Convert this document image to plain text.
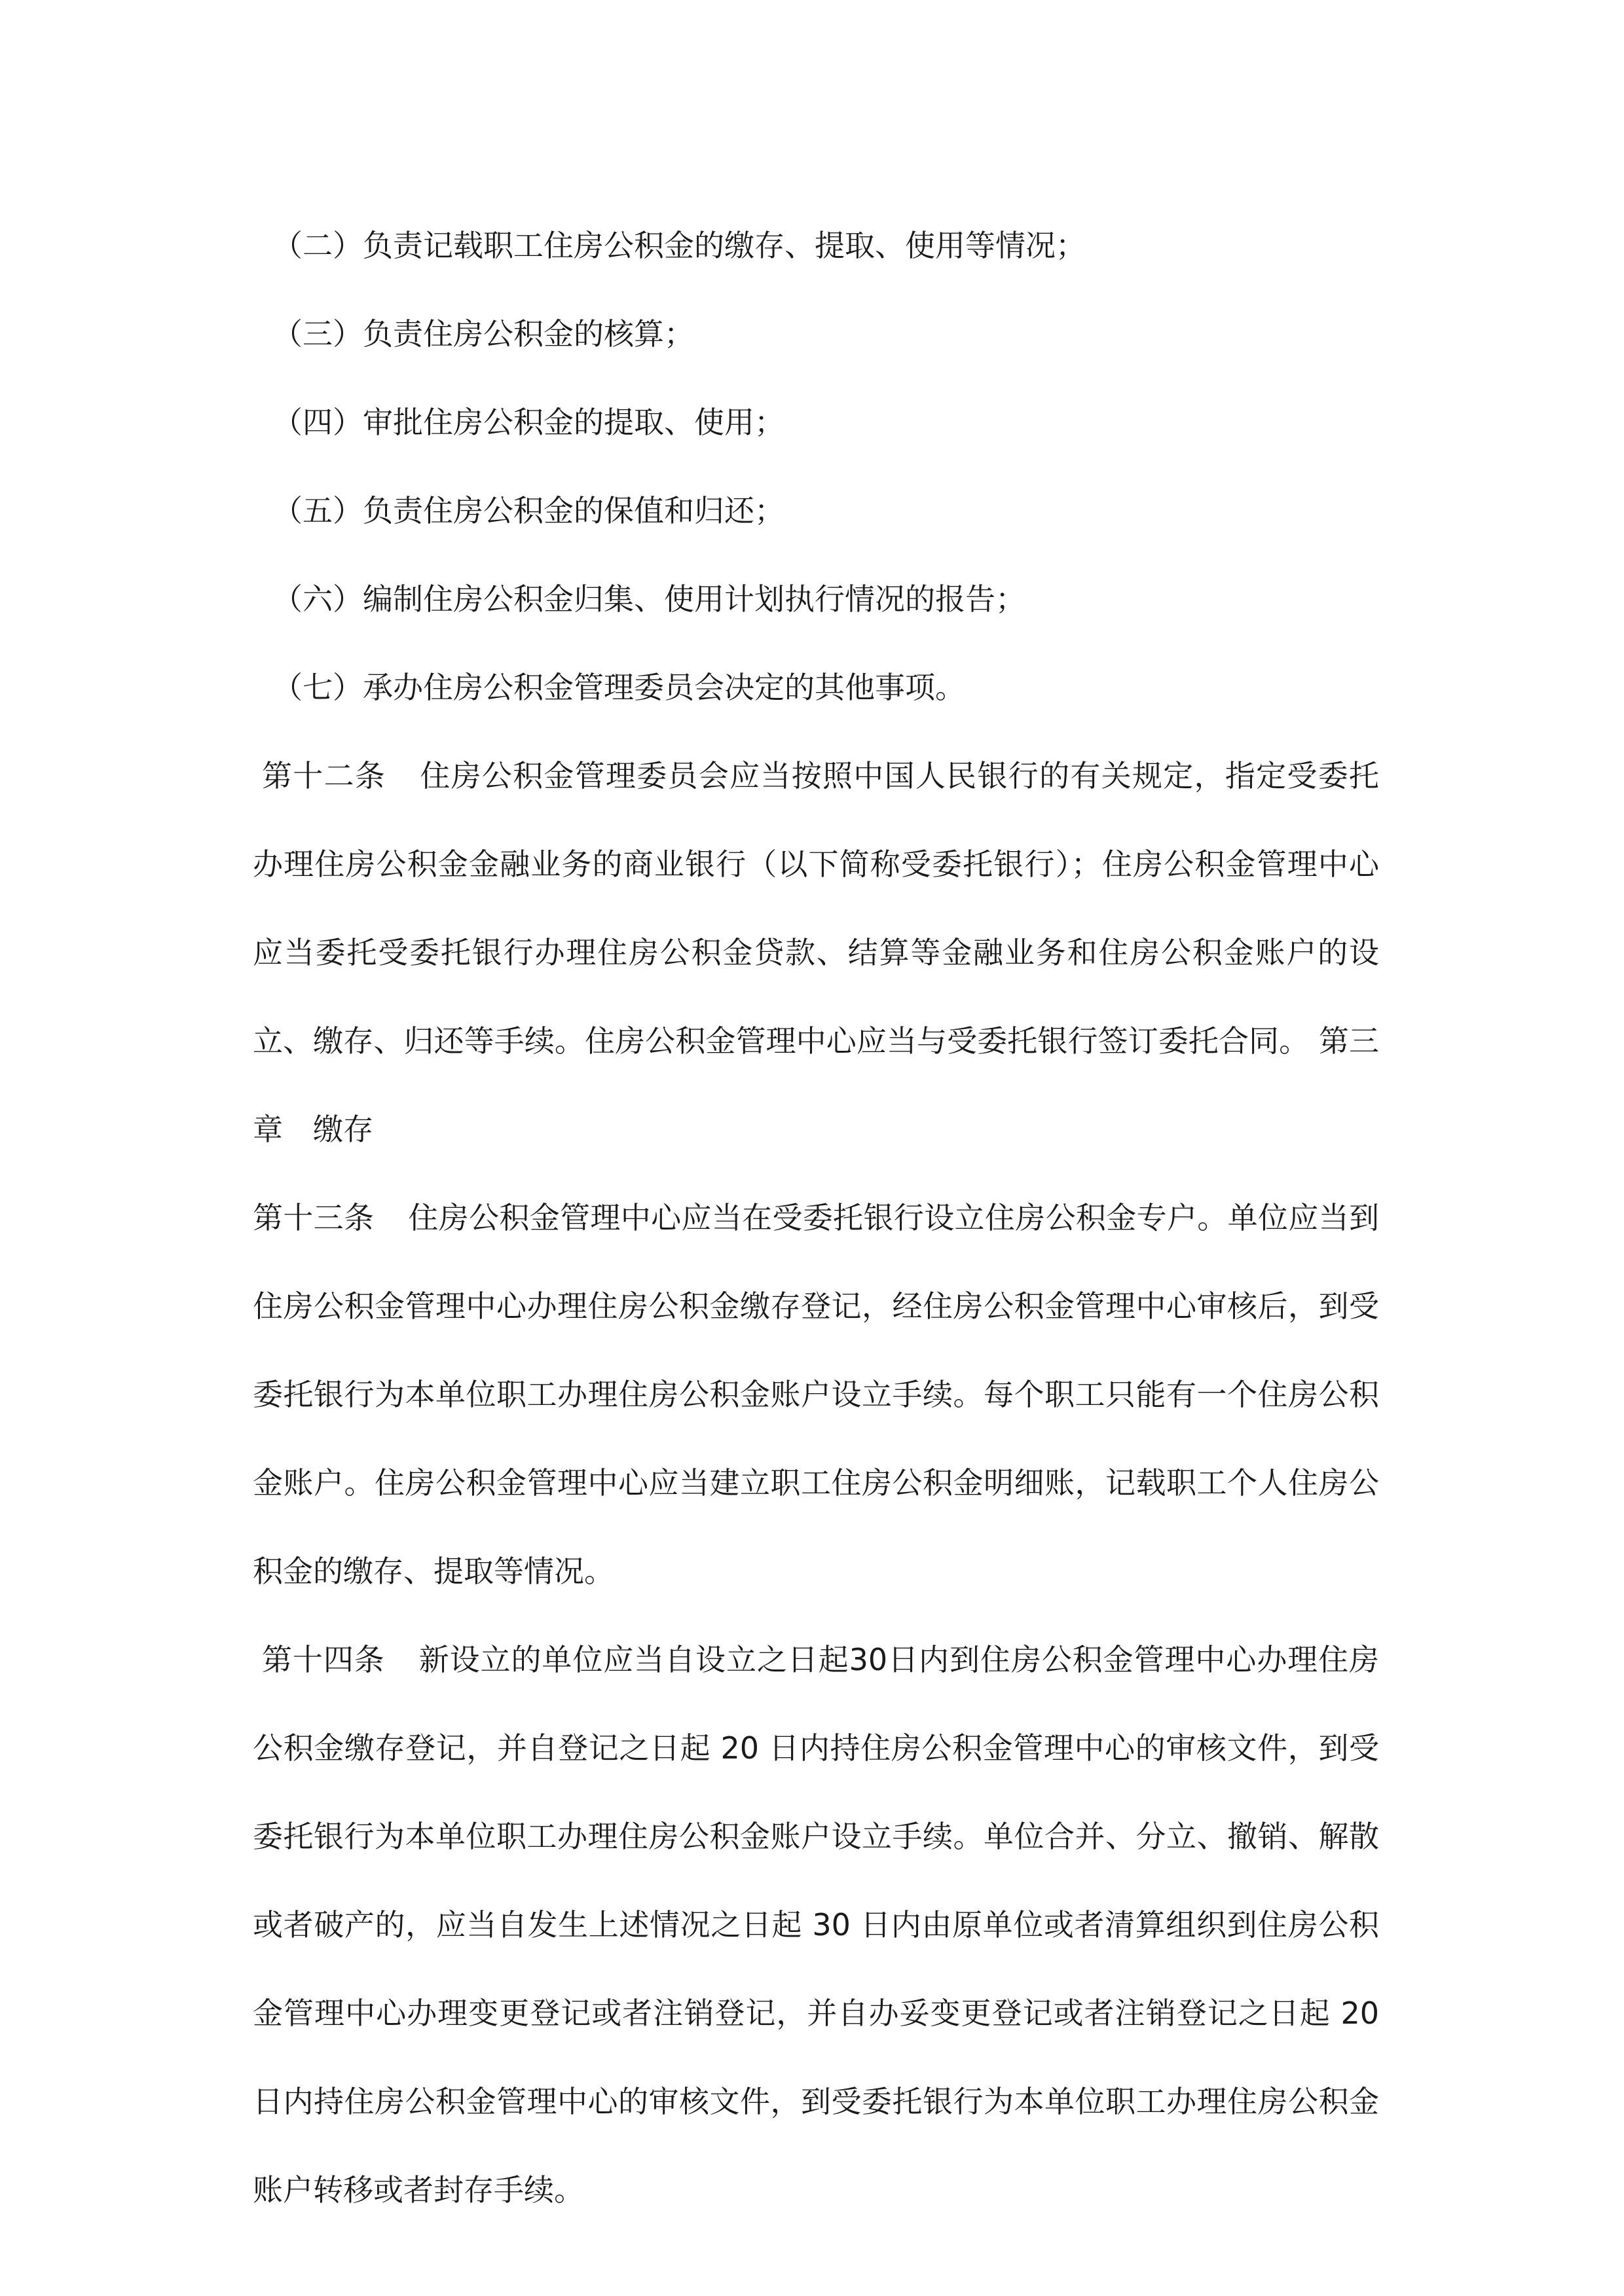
（二）负责记载职工住房公积金的缴存、提取、使用等情况；

（三）负责住房公积金的核算；

（四）审批住房公积金的提取、使用；

（五）负责住房公积金的保值和归还；

（六）编制住房公积金归集、使用计划执行情况的报告；

（七）承办住房公积金管理委员会决定的其他事项。

第十二条 住房公积金管理委员会应当按照中国人民银行的有关规定，指定受委托办理住房公积金金融业务的商业银行（以下简称受委托银行）；住房公积金管理中心应当委托受委托银行办理住房公积金贷款、结算等金融业务和住房公积金账户的设立、缴存、归还等手续。住房公积金管理中心应当与受委托银行签订委托合同。 第三章　缴存

第十三条 住房公积金管理中心应当在受委托银行设立住房公积金专户。单位应当到住房公积金管理中心办理住房公积金缴存登记，经住房公积金管理中心审核后，到受委托银行为本单位职工办理住房公积金账户设立手续。每个职工只能有一个住房公积金账户。住房公积金管理中心应当建立职工住房公积金明细账，记载职工个人住房公积金的缴存、提取等情况。

第十四条 新设立的单位应当自设立之日起30日内到住房公积金管理中心办理住房公积金缴存登记，并自登记之日起 20 日内持住房公积金管理中心的审核文件，到受委托银行为本单位职工办理住房公积金账户设立手续。单位合并、分立、撤销、解散或者破产的，应当自发生上述情况之日起 30 日内由原单位或者清算组织到住房公积金管理中心办理变更登记或者注销登记，并自办妥变更登记或者注销登记之日起 20 日内持住房公积金管理中心的审核文件，到受委托银行为本单位职工办理住房公积金账户转移或者封存手续。
